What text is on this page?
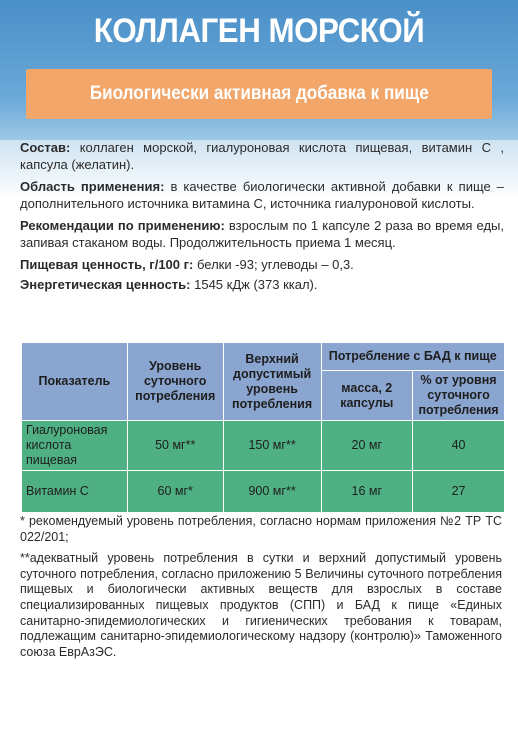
КОЛЛАГЕН МОРСКОЙ
Биологически активная добавка к пище

Состав: коллаген морской, гиалуроновая кислота пищевая, витамин С , капсула (желатин).

Область применения: в качестве биологически активной добавки к пище – дополнительного источника витамина С, источника гиалуроновой кислоты.

Рекомендации по применению: взрослым по 1 капсуле 2 раза во время еды, запивая стаканом воды. Продолжительность приема 1 месяц.

Пищевая ценность, г/100 г: белки -93; углеводы – 0,3.

Энергетическая ценность: 1545 кДж (373 ккал).

Показатель	Уровень суточного потребления	Верхний допустимый уровень потребления	Потребление с БАД к пище	
			масса, 2 капсулы	% от уровня суточного потребления
Гиалуроновая кислота пищевая	50 мг**	150 мг**	20 мг	40
Витамин С	60 мг*	900 мг**	16 мг	27

* рекомендуемый уровень потребления, согласно нормам приложения №2 ТР ТС 022/201;

**адекватный уровень потребления в сутки и верхний допустимый уровень суточного потребления, согласно приложению 5 Величины суточного потребления пищевых и биологически активных веществ для взрослых в составе специализированных пищевых продуктов (СПП) и БАД к пище «Единых санитарно-эпидемиологических и гигиенических требования к товарам, подлежащим санитарно-эпидемиологическому надзору (контролю)» Таможенного союза ЕврАзЭС.
